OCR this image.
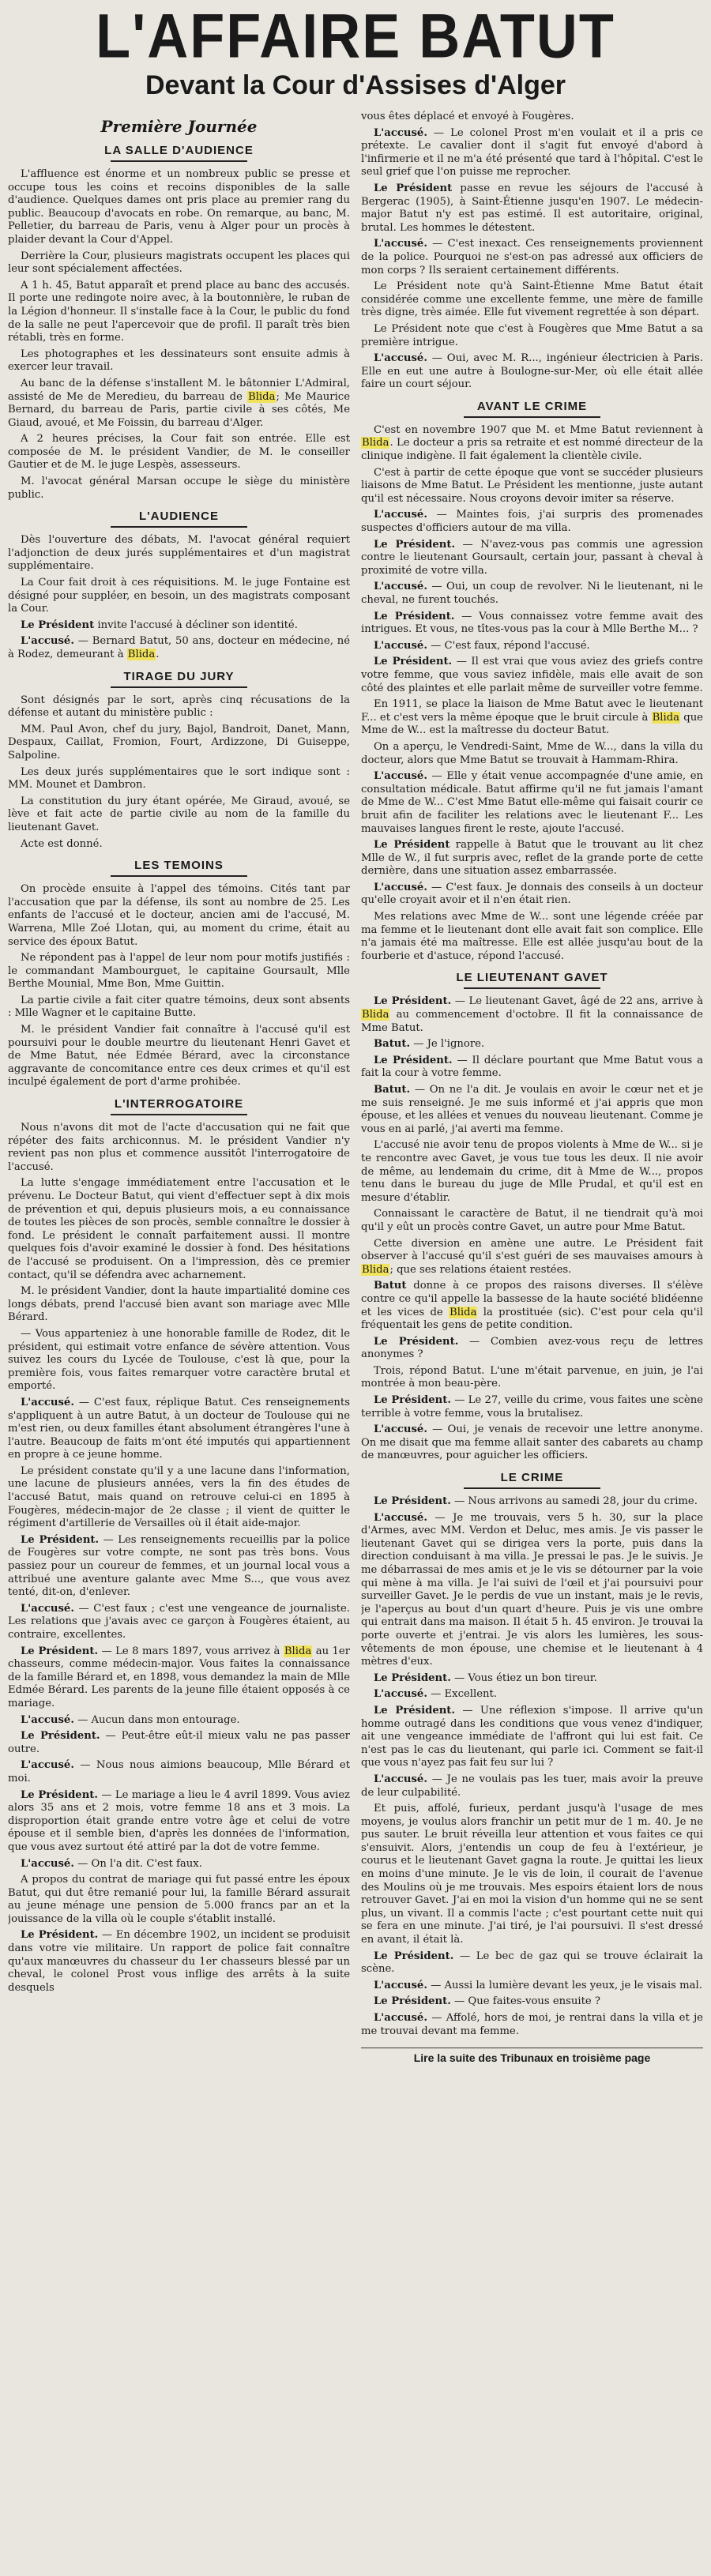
L'AFFAIRE BATUT
Devant la Cour d'Assises d'Alger
Première Journée
LA SALLE D'AUDIENCE

L'affluence est énorme et un nombreux public se presse et occupe tous les coins et recoins disponibles de la salle d'audience. Quelques dames ont pris place au premier rang du public. Beaucoup d'avocats en robe. On remarque, au banc, M. Pelletier, du barreau de Paris, venu à Alger pour un procès à plaider devant la Cour d'Appel.

Derrière la Cour, plusieurs magistrats occupent les places qui leur sont spécialement affectées.

A 1 h. 45, Batut apparaît et prend place au banc des accusés. Il porte une redingote noire avec, à la boutonnière, le ruban de la Légion d'honneur. Il s'installe face à la Cour, le public du fond de la salle ne peut l'apercevoir que de profil. Il paraît très bien rétabli, très en forme.

Les photographes et les dessinateurs sont ensuite admis à exercer leur travail.

Au banc de la défense s'installent M. le bâtonnier L'Admiral, assisté de Me de Meredieu, du barreau de Blida; Me Maurice Bernard, du barreau de Paris, partie civile à ses côtés, Me Giaud, avoué, et Me Foissin, du barreau d'Alger.

A 2 heures précises, la Cour fait son entrée. Elle est composée de M. le président Vandier, de M. le conseiller Gautier et de M. le juge Lespès, assesseurs.

M. l'avocat général Marsan occupe le siège du ministère public.

L'AUDIENCE

Dès l'ouverture des débats, M. l'avocat général requiert l'adjonction de deux jurés supplémentaires et d'un magistrat supplémentaire.

La Cour fait droit à ces réquisitions. M. le juge Fontaine est désigné pour suppléer, en besoin, un des magistrats composant la Cour.

Le Président invite l'accusé à décliner son identité.

L'accusé. — Bernard Batut, 50 ans, docteur en médecine, né à Rodez, demeurant à Blida.

TIRAGE DU JURY

Sont désignés par le sort, après cinq récusations de la défense et autant du ministère public :

MM. Paul Avon, chef du jury, Bajol, Bandroit, Danet, Mann, Despaux, Caillat, Fromion, Fourt, Ardizzone, Di Guiseppe, Salpoline.

Les deux jurés supplémentaires que le sort indique sont : MM. Mounet et Dambron.

La constitution du jury étant opérée, Me Giraud, avoué, se lève et fait acte de partie civile au nom de la famille du lieutenant Gavet.

Acte est donné.

LES TEMOINS

On procède ensuite à l'appel des témoins. Cités tant par l'accusation que par la défense, ils sont au nombre de 25. Les enfants de l'accusé et le docteur, ancien ami de l'accusé, M. Warrena, Mlle Zoé Llotan, qui, au moment du crime, était au service des époux Batut.

Ne répondent pas à l'appel de leur nom pour motifs justifiés : le commandant Mambourguet, le capitaine Goursault, Mlle Berthe Mounial, Mme Bon, Mme Guittin.

La partie civile a fait citer quatre témoins, deux sont absents : Mlle Wagner et le capitaine Butte.

M. le président Vandier fait connaître à l'accusé qu'il est poursuivi pour le double meurtre du lieutenant Henri Gavet et de Mme Batut, née Edmée Bérard, avec la circonstance aggravante de concomitance entre ces deux crimes et qu'il est inculpé également de port d'arme prohibée.

L'INTERROGATOIRE

Nous n'avons dit mot de l'acte d'accusation qui ne fait que répéter des faits archiconnus. M. le président Vandier n'y revient pas non plus et commence aussitôt l'interrogatoire de l'accusé.

La lutte s'engage immédiatement entre l'accusation et le prévenu. Le Docteur Batut, qui vient d'effectuer sept à dix mois de prévention et qui, depuis plusieurs mois, a eu connaissance de toutes les pièces de son procès, semble connaître le dossier à fond. Le président le connaît parfaitement aussi. Il montre quelques fois d'avoir examiné le dossier à fond. Des hésitations de l'accusé se produisent. On a l'impression, dès ce premier contact, qu'il se défendra avec acharnement.

M. le président Vandier, dont la haute impartialité domine ces longs débats, prend l'accusé bien avant son mariage avec Mlle Bérard.

— Vous apparteniez à une honorable famille de Rodez, dit le président, qui estimait votre enfance de sévère attention. Vous suivez les cours du Lycée de Toulouse, c'est là que, pour la première fois, vous faites remarquer votre caractère brutal et emporté.

L'accusé. — C'est faux, réplique Batut. Ces renseignements s'appliquent à un autre Batut, à un docteur de Toulouse qui ne m'est rien, ou deux familles étant absolument étrangères l'une à l'autre. Beaucoup de faits m'ont été imputés qui appartiennent en propre à ce jeune homme.

Le président constate qu'il y a une lacune dans l'information, une lacune de plusieurs années, vers la fin des études de l'accusé Batut, mais quand on retrouve celui-ci en 1895 à Fougères, médecin-major de 2e classe ; il vient de quitter le régiment d'artillerie de Versailles où il était aide-major.

Le Président. — Les renseignements recueillis par la police de Fougères sur votre compte, ne sont pas très bons. Vous passiez pour un coureur de femmes, et un journal local vous a attribué une aventure galante avec Mme S..., que vous avez tenté, dit-on, d'enlever.

L'accusé. — C'est faux ; c'est une vengeance de journaliste. Les relations que j'avais avec ce garçon à Fougères étaient, au contraire, excellentes.

Le Président. — Le 8 mars 1897, vous arrivez à Blida au 1er chasseurs, comme médecin-major. Vous faites la connaissance de la famille Bérard et, en 1898, vous demandez la main de Mlle Edmée Bérard. Les parents de la jeune fille étaient opposés à ce mariage.

L'accusé. — Aucun dans mon entourage.

Le Président. — Peut-être eût-il mieux valu ne pas passer outre.

L'accusé. — Nous nous aimions beaucoup, Mlle Bérard et moi.

Le Président. — Le mariage a lieu le 4 avril 1899. Vous aviez alors 35 ans et 2 mois, votre femme 18 ans et 3 mois. La disproportion était grande entre votre âge et celui de votre épouse et il semble bien, d'après les données de l'information, que vous avez surtout été attiré par la dot de votre femme.

L'accusé. — On l'a dit. C'est faux.

A propos du contrat de mariage qui fut passé entre les époux Batut, qui dut être remanié pour lui, la famille Bérard assurait au jeune ménage une pension de 5.000 francs par an et la jouissance de la villa où le couple s'établit installé.

Le Président. — En décembre 1902, un incident se produisit dans votre vie militaire. Un rapport de police fait connaître qu'aux manœuvres du chasseur du 1er chasseurs blessé par un cheval, le colonel Prost vous inflige des arrêts à la suite desquels

vous êtes déplacé et envoyé à Fougères.

L'accusé. — Le colonel Prost m'en voulait et il a pris ce prétexte. Le cavalier dont il s'agit fut envoyé d'abord à l'infirmerie et il ne m'a été présenté que tard à l'hôpital. C'est le seul grief que l'on puisse me reprocher.

Le Président passe en revue les séjours de l'accusé à Bergerac (1905), à Saint-Étienne jusqu'en 1907. Le médecin-major Batut n'y est pas estimé. Il est autoritaire, original, brutal. Les hommes le détestent.

L'accusé. — C'est inexact. Ces renseignements proviennent de la police. Pourquoi ne s'est-on pas adressé aux officiers de mon corps ? Ils seraient certainement différents.

Le Président note qu'à Saint-Étienne Mme Batut était considérée comme une excellente femme, une mère de famille très digne, très aimée. Elle fut vivement regrettée à son départ.

Le Président note que c'est à Fougères que Mme Batut a sa première intrigue.

L'accusé. — Oui, avec M. R..., ingénieur électricien à Paris. Elle en eut une autre à Boulogne-sur-Mer, où elle était allée faire un court séjour.

AVANT LE CRIME

C'est en novembre 1907 que M. et Mme Batut reviennent à Blida. Le docteur a pris sa retraite et est nommé directeur de la clinique indigène. Il fait également la clientèle civile.

C'est à partir de cette époque que vont se succéder plusieurs liaisons de Mme Batut. Le Président les mentionne, juste autant qu'il est nécessaire. Nous croyons devoir imiter sa réserve.

L'accusé. — Maintes fois, j'ai surpris des promenades suspectes d'officiers autour de ma villa.

Le Président. — N'avez-vous pas commis une agression contre le lieutenant Goursault, certain jour, passant à cheval à proximité de votre villa.

L'accusé. — Oui, un coup de revolver. Ni le lieutenant, ni le cheval, ne furent touchés.

Le Président. — Vous connaissez votre femme avait des intrigues. Et vous, ne tîtes-vous pas la cour à Mlle Berthe M... ?

L'accusé. — C'est faux, répond l'accusé.

Le Président. — Il est vrai que vous aviez des griefs contre votre femme, que vous saviez infidèle, mais elle avait de son côté des plaintes et elle parlait même de surveiller votre femme.

En 1911, se place la liaison de Mme Batut avec le lieutenant F... et c'est vers la même époque que le bruit circule à Blida que Mme de W... est la maîtresse du docteur Batut.

On a aperçu, le Vendredi-Saint, Mme de W..., dans la villa du docteur, alors que Mme Batut se trouvait à Hammam-Rhira.

L'accusé. — Elle y était venue accompagnée d'une amie, en consultation médicale. Batut affirme qu'il ne fut jamais l'amant de Mme de W... C'est Mme Batut elle-même qui faisait courir ce bruit afin de faciliter les relations avec le lieutenant F... Les mauvaises langues firent le reste, ajoute l'accusé.

Le Président rappelle à Batut que le trouvant au lit chez Mlle de W., il fut surpris avec, reflet de la grande porte de cette dernière, dans une situation assez embarrassée.

L'accusé. — C'est faux. Je donnais des conseils à un docteur qu'elle croyait avoir et il n'en était rien.

Mes relations avec Mme de W... sont une légende créée par ma femme et le lieutenant dont elle avait fait son complice. Elle n'a jamais été ma maîtresse. Elle est allée jusqu'au bout de la fourberie et d'astuce, répond l'accusé.

LE LIEUTENANT GAVET

Le Président. — Le lieutenant Gavet, âgé de 22 ans, arrive à Blida au commencement d'octobre. Il fit la connaissance de Mme Batut.

Batut. — Je l'ignore.

Le Président. — Il déclare pourtant que Mme Batut vous a fait la cour à votre femme.

Batut. — On ne l'a dit. Je voulais en avoir le cœur net et je me suis renseigné. Je me suis informé et j'ai appris que mon épouse, et les allées et venues du nouveau lieutenant. Comme je vous en ai parlé, j'ai averti ma femme.

L'accusé nie avoir tenu de propos violents à Mme de W... si je te rencontre avec Gavet, je vous tue tous les deux. Il nie avoir de même, au lendemain du crime, dit à Mme de W..., propos tenu dans le bureau du juge de Mlle Prudal, et qu'il est en mesure d'établir.

Connaissant le caractère de Batut, il ne tiendrait qu'à moi qu'il y eût un procès contre Gavet, un autre pour Mme Batut.

Cette diversion en amène une autre. Le Président fait observer à l'accusé qu'il s'est guéri de ses mauvaises amours à Blida; que ses relations étaient restées.

Batut donne à ce propos des raisons diverses. Il s'élève contre ce qu'il appelle la bassesse de la haute société blidéenne et les vices de Blida la prostituée (sic). C'est pour cela qu'il fréquentait les gens de petite condition.

Le Président. — Combien avez-vous reçu de lettres anonymes ?

Trois, répond Batut. L'une m'était parvenue, en juin, je l'ai montrée à mon beau-père.

Le Président. — Le 27, veille du crime, vous faites une scène terrible à votre femme, vous la brutalisez.

L'accusé. — Oui, je venais de recevoir une lettre anonyme. On me disait que ma femme allait santer des cabarets au champ de manœuvres, pour aguicher les officiers.

LE CRIME

Le Président. — Nous arrivons au samedi 28, jour du crime.

L'accusé. — Je me trouvais, vers 5 h. 30, sur la place d'Armes, avec MM. Verdon et Deluc, mes amis. Je vis passer le lieutenant Gavet qui se dirigea vers la porte, puis dans la direction conduisant à ma villa. Je pressai le pas. Je le suivis. Je me débarrassai de mes amis et je le vis se détourner par la voie qui mène à ma villa. Je l'ai suivi de l'œil et j'ai poursuivi pour surveiller Gavet. Je le perdis de vue un instant, mais je le revis, je l'aperçus au bout d'un quart d'heure. Puis je vis une ombre qui entrait dans ma maison. Il était 5 h. 45 environ. Je trouvai la porte ouverte et j'entrai. Je vis alors les lumières, les sous-vêtements de mon épouse, une chemise et le lieutenant à 4 mètres d'eux.

Le Président. — Vous étiez un bon tireur.

L'accusé. — Excellent.

Le Président. — Une réflexion s'impose. Il arrive qu'un homme outragé dans les conditions que vous venez d'indiquer, ait une vengeance immédiate de l'affront qui lui est fait. Ce n'est pas le cas du lieutenant, qui parle ici. Comment se fait-il que vous n'ayez pas fait feu sur lui ?

L'accusé. — Je ne voulais pas les tuer, mais avoir la preuve de leur culpabilité.

Et puis, affolé, furieux, perdant jusqu'à l'usage de mes moyens, je voulus alors franchir un petit mur de 1 m. 40. Je ne pus sauter. Le bruit réveilla leur attention et vous faites ce qui s'ensuivit. Alors, j'entendis un coup de feu à l'extérieur, je courus et le lieutenant Gavet gagna la route. Je quittai les lieux en moins d'une minute. Je le vis de loin, il courait de l'avenue des Moulins où je me trouvais. Mes espoirs étaient lors de nous retrouver Gavet. J'ai en moi la vision d'un homme qui ne se sent plus, un vivant. Il a commis l'acte ; c'est pourtant cette nuit qui se fera en une minute. J'ai tiré, je l'ai poursuivi. Il s'est dressé en avant, il était là.

Le Président. — Le bec de gaz qui se trouve éclairait la scène.

L'accusé. — Aussi la lumière devant les yeux, je le visais mal.

Le Président. — Que faites-vous ensuite ?

L'accusé. — Affolé, hors de moi, je rentrai dans la villa et je me trouvai devant ma femme.

Lire la suite des Tribunaux en troisième page
